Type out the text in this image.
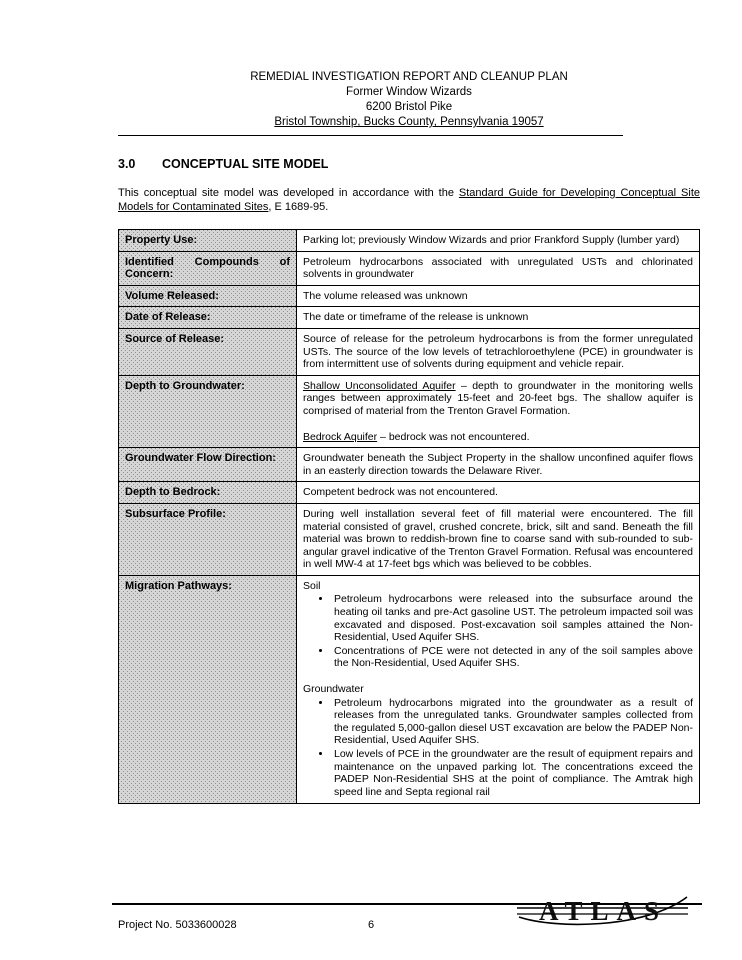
REMEDIAL INVESTIGATION REPORT AND CLEANUP PLAN
Former Window Wizards
6200 Bristol Pike
Bristol Township, Bucks County, Pennsylvania 19057
3.0	CONCEPTUAL SITE MODEL

This conceptual site model was developed in accordance with the Standard Guide for Developing Conceptual Site Models for Contaminated Sites, E 1689-95.

Property Use:	Parking lot; previously Window Wizards and prior Frankford Supply (lumber yard)
Identified Compounds of Concern:	Petroleum hydrocarbons associated with unregulated USTs and chlorinated solvents in groundwater
Volume Released:	The volume released was unknown
Date of Release:	The date or timeframe of the release is unknown
Source of Release:	Source of release for the petroleum hydrocarbons is from the former unregulated USTs. The source of the low levels of tetrachloroethylene (PCE) in groundwater is from intermittent use of solvents during equipment and vehicle repair.
Depth to Groundwater:	Shallow Unconsolidated Aquifer – depth to groundwater in the monitoring wells ranges between approximately 15-feet and 20-feet bgs. The shallow aquifer is comprised of material from the Trenton Gravel Formation.
Bedrock Aquifer – bedrock was not encountered.

Groundwater Flow Direction:	Groundwater beneath the Subject Property in the shallow unconfined aquifer flows in an easterly direction towards the Delaware River.
Depth to Bedrock:	Competent bedrock was not encountered.
Subsurface Profile:	During well installation several feet of fill material were encountered. The fill material consisted of gravel, crushed concrete, brick, silt and sand. Beneath the fill material was brown to reddish-brown fine to coarse sand with sub-rounded to sub-angular gravel indicative of the Trenton Gravel Formation. Refusal was encountered in well MW-4 at 17-feet bgs which was believed to be cobbles.
Migration Pathways:	Soil
• Petroleum hydrocarbons were released into the subsurface around the heating oil tanks and pre-Act gasoline UST. The petroleum impacted soil was excavated and disposed. Post-excavation soil samples attained the Non-Residential, Used Aquifer SHS.
• Concentrations of PCE were not detected in any of the soil samples above the Non-Residential, Used Aquifer SHS.
Groundwater
• Petroleum hydrocarbons migrated into the groundwater as a result of releases from the unregulated tanks. Groundwater samples collected from the regulated 5,000-gallon diesel UST excavation are below the PADEP Non-Residential, Used Aquifer SHS.
• Low levels of PCE in the groundwater are the result of equipment repairs and maintenance on the unpaved parking lot. The concentrations exceed the PADEP Non-Residential SHS at the point of compliance. The Amtrak high speed line and Septa regional rail
Project No. 5033600028	6	ATLAS
